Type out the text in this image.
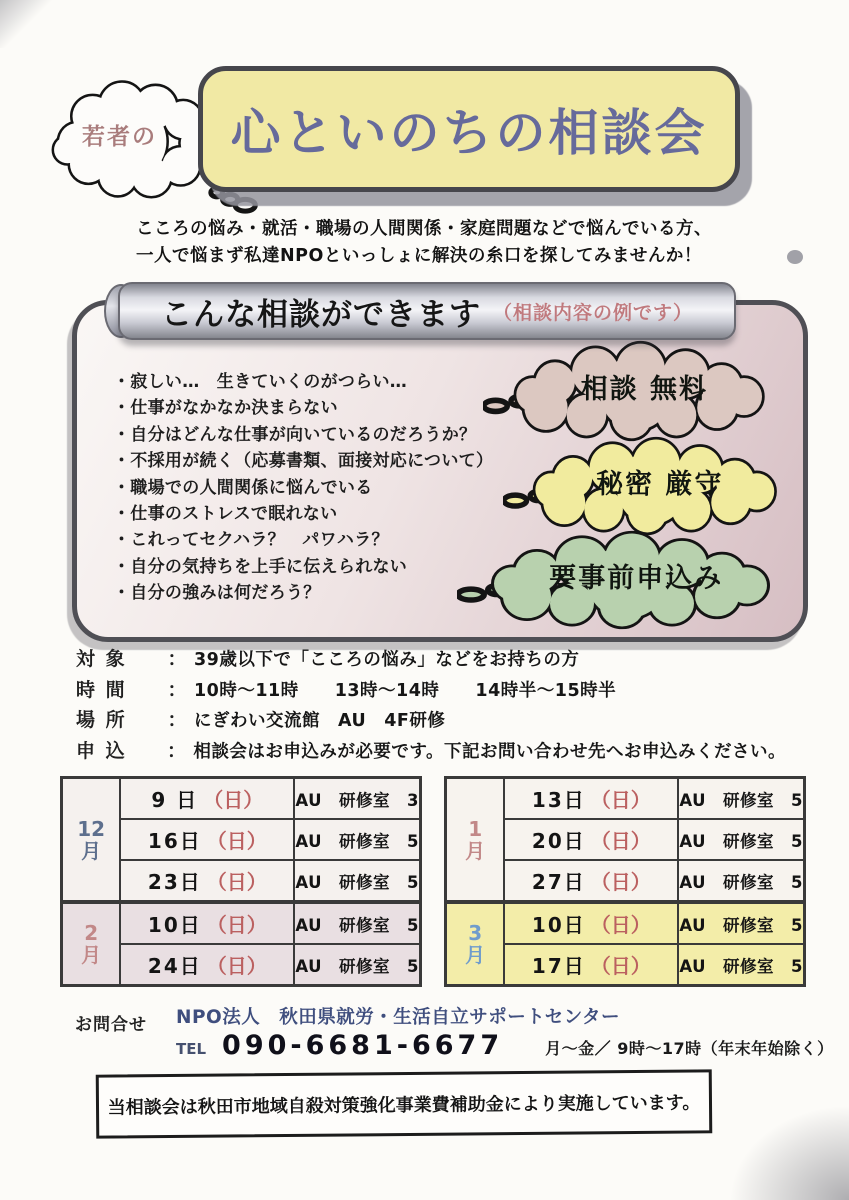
若者の	心といのちの相談会
こころの悩み・就活・職場の人間関係・家庭問題などで悩んでいる方、
一人で悩まず私達NPOといっしょに解決の糸口を探してみませんか！
こんな相談ができます （相談内容の例です）
・寂しい…　生きていくのがつらい…
・仕事がなかなか決まらない
・自分はどんな仕事が向いているのだろうか？
・不採用が続く（応募書類、面接対応について）
・職場での人間関係に悩んでいる
・仕事のストレスで眠れない
・これってセクハラ？　パワハラ？
・自分の気持ちを上手に伝えられない
・自分の強みは何だろう？
相談 無料
秘密 厳守
要事前申込み
対 象	： 39歳以下で「こころの悩み」などをお持ちの方
時 間	： 10時〜11時　　13時〜14時　　14時半〜15時半
場 所	： にぎわい交流館　AU　4F研修
申 込	： 相談会はお申込みが必要です。下記お問い合わせ先へお申込みください。
12
月
9 日 （日） AU　研修室　3
16日 （日） AU　研修室　5
23日 （日） AU　研修室　5
1
月
13日 （日） AU　研修室　5
20日 （日） AU　研修室　5
27日 （日） AU　研修室　5
2
月
10日 （日） AU　研修室　5
24日 （日） AU　研修室　5
3
月
10日 （日） AU　研修室　5
17日 （日） AU　研修室　5
お問合せ NPO法人　秋田県就労・生活自立サポートセンター
TEL 090-6681-6677	月〜金／ 9時〜17時（年末年始除く）
当相談会は秋田市地域自殺対策強化事業費補助金により実施しています。
